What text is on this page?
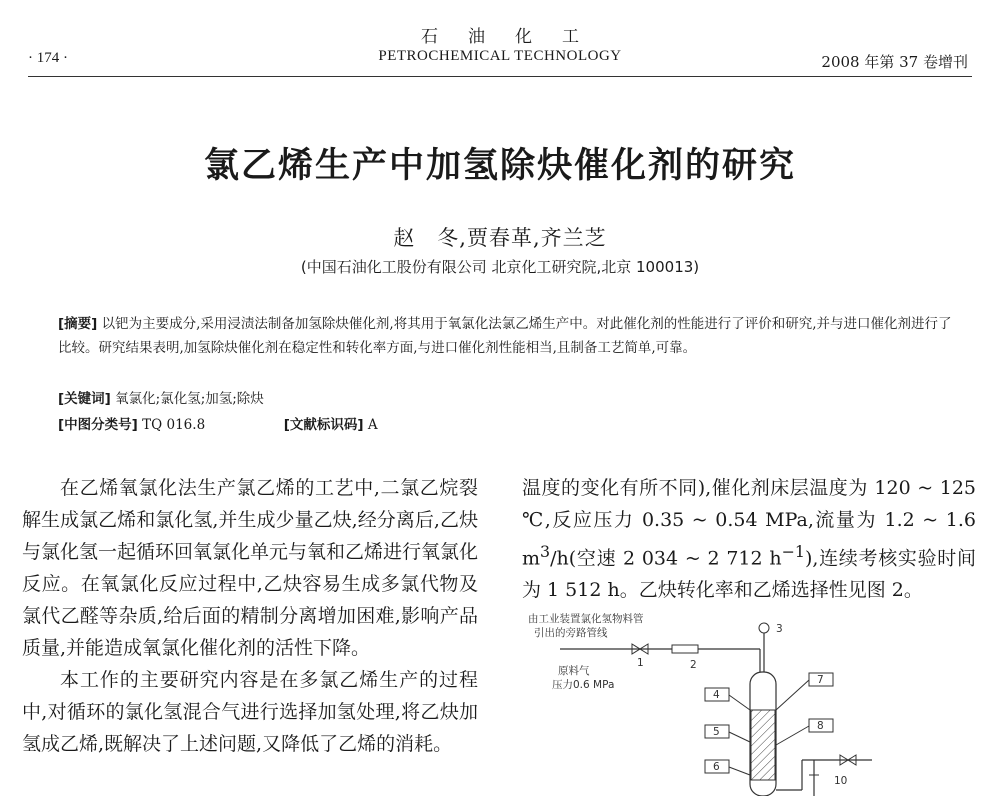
石油化工
· 174 ·	PETROCHEMICAL TECHNOLOGY	2008 年第 37 卷增刊
氯乙烯生产中加氢除炔催化剂的研究
赵　冬,贾春革,齐兰芝
(中国石油化工股份有限公司 北京化工研究院,北京 100013)
[摘要] 以钯为主要成分,采用浸渍法制备加氢除炔催化剂,将其用于氧氯化法氯乙烯生产中。对此催化剂的性能进行了评价和研究,并与进口催化剂进行了比较。研究结果表明,加氢除炔催化剂在稳定性和转化率方面,与进口催化剂性能相当,且制备工艺简单,可靠。
[关键词] 氧氯化;氯化氢;加氢;除炔
[中图分类号] TQ 016.8	[文献标识码] A

在乙烯氧氯化法生产氯乙烯的工艺中,二氯乙烷裂解生成氯乙烯和氯化氢,并生成少量乙炔,经分离后,乙炔与氯化氢一起循环回氧氯化单元与氧和乙烯进行氧氯化反应。在氧氯化反应过程中,乙炔容易生成多氯代物及氯代乙醛等杂质,给后面的精制分离增加困难,影响产品质量,并能造成氧氯化催化剂的活性下降。

本工作的主要研究内容是在多氯乙烯生产的过程中,对循环的氯化氢混合气进行选择加氢处理,将乙炔加氢成乙烯,既解决了上述问题,又降低了乙烯的消耗。

温度的变化有所不同),催化剂床层温度为 120 ~ 125 ℃,反应压力 0.35 ~ 0.54 MPa,流量为 1.2 ~ 1.6 $m^3/h$(空速 2 034 ~ 2 712 $h^{-1}$),连续考核实验时间为 1 512 h。乙炔转化率和乙烯选择性见图 2。

由工业装置氯化氢物料管
引出的旁路管线
1	2
3
原料气
压力0.6 MPa
4
5
6
7
8
10
